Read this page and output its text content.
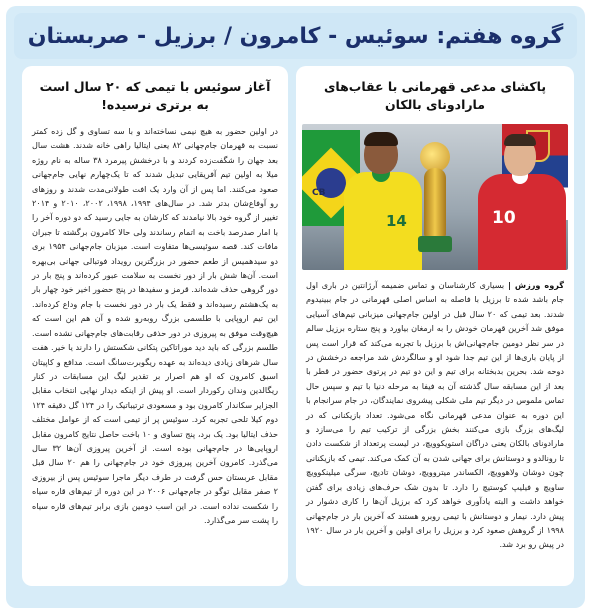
گروه هفتم: سوئیس - کامرون / برزیل - صربستان
پاکشای مدعی قهرمانی با عقاب‌های مارادونای بالکان
CB
14	10
گروه ورزش | بسیاری کارشناسان و تماس ضمیمه آرژانتین در باری اول جام باشد شده تا برزیل با فاصله به اساس اصلی قهرمانی در جام ببینیدوم شدند. بعد تیمی که ۲۰ سال قبل در اولین جام‌جهانی میزبانی تیم‌های آسیایی موفق شد آخرین قهرمان خودش را به ارمغان بیاورد و پنج ستاره برزیل سالم در سر نظر دومین جام‌جهانی‌اش با برزیل با تجربه می‌کند که قرار است پس از پایان باری‌ها از این تیم جدا شود او و سالگرد‌ش شد مراجعه درخشش در دوحه شد. بحرین بدبختانه برای تیم و این دو تیم در پرتوی حضور در قطر با بعد از این مسابقه سال گذشته آن به فیفا به مرحله دنیا با تیم و سپس حال تماس ملموس در دیگر تیم ملی شکلی پیشروی نمایندگان، در جام سرانجام با این دوره به عنوان مدعی قهرمانی نگاه می‌شود. تعداد بازیکنانی که در لیگ‌های بزرگ بازی می‌کنند بخش بزرگی از ترکیب تیم را می‌سازد و مارادونای بالکان یعنی دراگان استویکوویچ، در لیست پرتعداد از شکست دادن تا رونالدو و دوستانش برای جهانی شدن به آن کمک می‌کند. تیمی که بازیکنانی چون دوشان ولاهوویچ، الکساندر میتروویچ، دوشان تادیچ، سرگی میلینکوویچ ساویچ و فیلیپ کوستیچ را دارد. تا بدون شک حرف‌های زیادی برای گفتن خواهد داشت و البته یادآوری خواهد کرد که برزیل آن‌ها را کاری دشوار در پیش دارد. نیمار و دوستانش با تیمی روبرو هستند که آخرین بار در جام‌جهانی ۱۹۹۸ از گروهش صعود کرد و برزیل را برای اولین و آخرین بار در سال ۱۹۲۰ در پیش رو برد شد.
آغاز سوئیس با تیمی که ۲۰ سال است به برتری نرسیده!
در اولین حضور به هیچ نیمی نساخته‌اند و با سه تساوی و گل زده کمتر نسبت به قهرمان جام‌جهانی ۸۲ یعنی ایتالیا راهی خانه شدند. هشت سال بعد جهان را شگفت‌زده کردند و با درخشش پیرمرد ۳۸ ساله به نام روژه میلا به اولین تیم آفریقایی تبدیل شدند که تا یک‌چهارم نهایی جام‌جهانی صعود می‌کنند. اما پس از آن وارد یک افت طولانی‌مدت شدند و روزهای رو آوفاع‌شان بدتر شد. در سال‌های ۱۹۹۴، ۱۹۹۸، ۲۰۰۲، ۲۰۱۰ و ۲۰۱۴ تغییر از گروه خود بالا نیامدند که کارشان به جایی رسید که دو دوره آخر را با امار صدرصد باخت به اتمام رساندند ولی حالا کامرون برگشته تا جبران مافات کند. قصه سوئیسی‌ها متفاوت است. میزبان جام‌جهانی ۱۹۵۴ بری دو سیدهمیس از طعم حضور در بزرگترین رویداد فوتبالی جهانی بی‌بهره است. آن‌ها شش بار از دور نخست به سلامت عبور کرده‌اند و پنج بار در دور گروهی حذف شده‌اند. قرمز و سفیدها در پنج حضور اخیر خود چهار بار به یک‌هشتم رسیده‌اند و فقط یک بار در دور نخست با جام وداع کرده‌اند. این تیم اروپایی با طلسمی بزرگ روبه‌رو شده و آن هم این است که هیچ‌وقت موفق به پیروزی در دور حذفی رقابت‌های جام‌جهانی نشده است. طلسم بزرگی که باید دید موراتا‌کین پتکانی شکستش را دارند یا خیر. هفت سال شرهای زیادی دیده‌اند به عهده ریگوبرت‌سانگ است. مدافع و کاپیتان اسبق کامرون که او هم اصرار بر تقدیر لیگ این مسابقات در کنار ریگالدین وندان رکوردار است. او پیش از اینکه دیدار نهایی انتخاب مقابل الجزایر سکاندار کامرون بود و مسعودی ترتیباتیک را در ۱۲۴ گل دقیقه ۱۲۴ دوم کیلا تلحی تجربه کرد. سوئیس پر از تیمی است که از عوامل مختلف حذف ایتالیا بود. یک برد، پنج تساوی و ۱۰ باخت حاصل نتایج کامرون مقابل اروپایی‌ها در جام‌جهانی بوده است. از آخرین پیروزی آن‌ها ۳۲ سال می‌گذرد. کامرون آخرین پیروزی خود در جام‌جهانی را هم ۲۰ سال قبل مقابل عربستان حس گرفت در طرف دیگر ماجرا سوئیس پس از بیروزی ۲ صفر مقابل توگو در جام‌جهانی ۲۰۰۶ در این دوره از تیم‌های قاره سیاه را شکست نداده است. در این اسب دومین بازی برابر تیم‌های قاره سیاه را پشت سر می‌گذارد.
